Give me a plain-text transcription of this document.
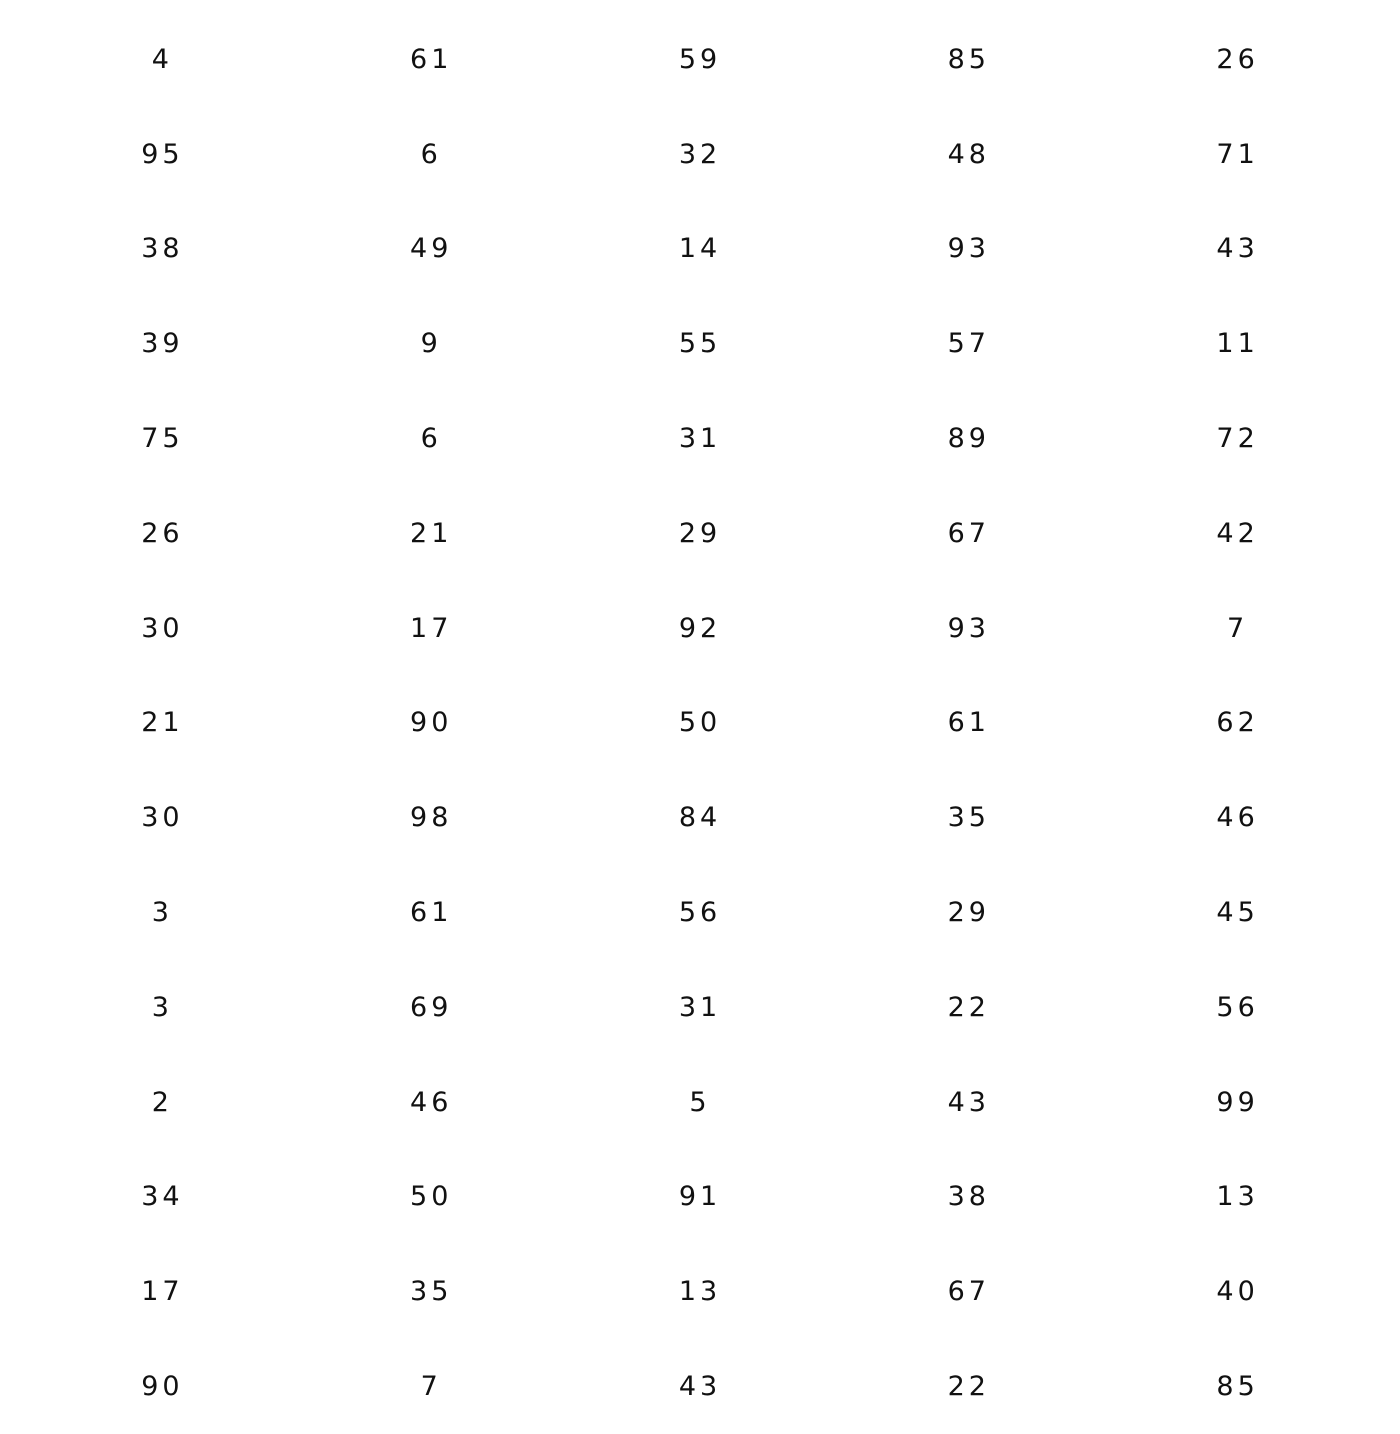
4	61	59	85	26
95	6	32	48	71
38	49	14	93	43
39	9	55	57	11
75	6	31	89	72
26	21	29	67	42
30	17	92	93	7
21	90	50	61	62
30	98	84	35	46
3	61	56	29	45
3	69	31	22	56
2	46	5	43	99
34	50	91	38	13
17	35	13	67	40
90	7	43	22	85
